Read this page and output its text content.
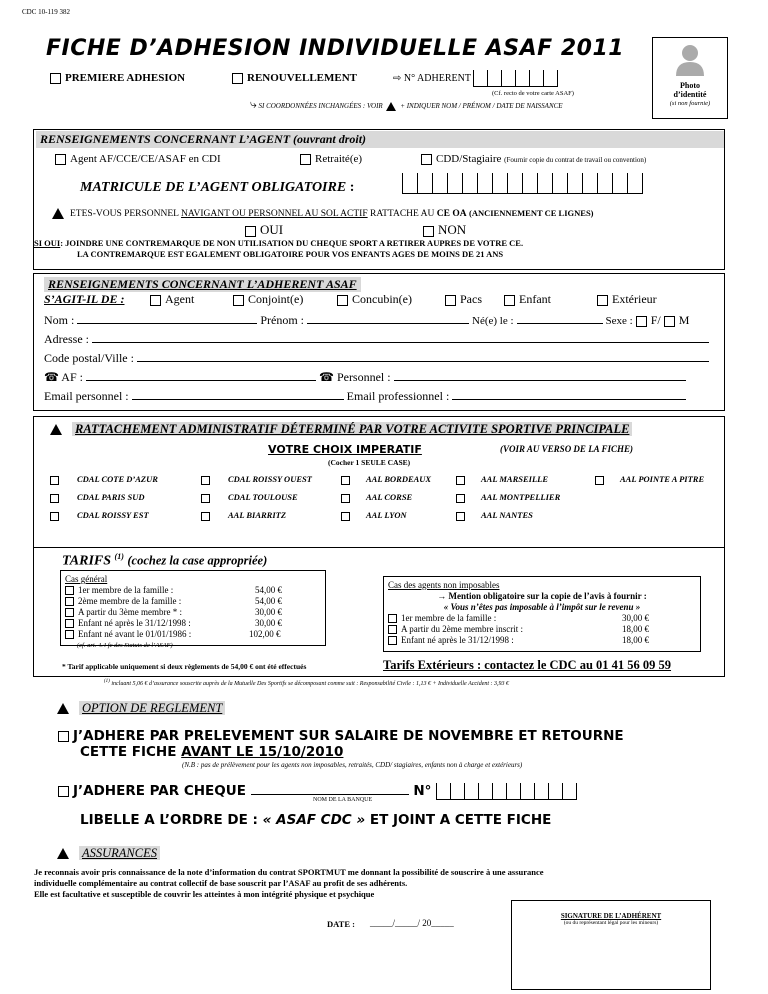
CDC 10-119 382
FICHE D’ADHESION INDIVIDUELLE ASAF 2011
Photo
d’identité
(si non fournie)
PREMIERE ADHESION	RENOUVELLEMENT	⇨ N° ADHERENT
(Cf. recto de votre carte ASAF)
⤷ SI COORDONNÉES INCHANGÉES : VOIR	+ INDIQUER NOM / PRÉNOM / DATE DE NAISSANCE
RENSEIGNEMENTS CONCERNANT L’AGENT (ouvrant droit)
Agent AF/CCE/CE/ASAF en CDI	Retraité(e)	CDD/Stagiaire (Fournir copie du contrat de travail ou convention)
MATRICULE DE L’AGENT OBLIGATOIRE :
ETES-VOUS PERSONNEL NAVIGANT OU PERSONNEL AU SOL ACTIF RATTACHE AU CE OA (ANCIENNEMENT CE LIGNES)
OUI	NON
SI OUI: JOINDRE UNE CONTREMARQUE DE NON UTILISATION DU CHEQUE SPORT A RETIRER AUPRES DE VOTRE CE.
LA CONTREMARQUE EST EGALEMENT OBLIGATOIRE POUR VOS ENFANTS AGES DE MOINS DE 21 ANS
RENSEIGNEMENTS CONCERNANT L’ADHERENT ASAF
S’AGIT-IL DE :	Agent	Conjoint(e)	Concubin(e)	Pacs	Enfant	Extérieur
Nom :	Prénom :	Né(e) le :	Sexe : F/ M
Adresse :
Code postal/Ville :
☎ AF :	☎ Personnel :
Email personnel :	Email professionnel :
RATTACHEMENT ADMINISTRATIF DÉTERMINÉ PAR VOTRE ACTIVITE SPORTIVE PRINCIPALE
VOTRE CHOIX IMPERATIF	(VOIR AU VERSO DE LA FICHE)
(Cocher 1 SEULE CASE)
CDAL COTE D’AZUR
CDAL PARIS SUD
CDAL ROISSY EST
CDAL ROISSY OUEST
CDAL TOULOUSE
AAL BIARRITZ
AAL BORDEAUX
AAL CORSE
AAL LYON
AAL MARSEILLE
AAL MONTPELLIER
AAL NANTES
AAL POINTE A PITRE
TARIFS $^{(1)}$ (cochez la case appropriée)
Cas général
1er membre de la famille :	54,00 €
2ème membre de la famille :	54,00 €
A partir du 3ème membre * :	30,00 €
Enfant né après le 31/12/1998 :	30,00 €
Enfant né avant le 01/01/1986 :	102,00 €
(cf. art. 4.4 fc des Statuts de l’ASAF)
Cas des agents non imposables
→ Mention obligatoire sur la copie de l’avis à fournir :
« Vous n’êtes pas imposable à l’impôt sur le revenu »
1er membre de la famille :	30,00 €
A partir du 2ème membre inscrit :	18,00 €
Enfant né après le 31/12/1998 :	18,00 €
* Tarif applicable uniquement si deux règlements de 54,00 € ont été effectués	Tarifs Extérieurs : contactez le CDC au 01 41 56 09 59
$^{(1)}$ incluant 5,06 € d’assurance souscrite auprès de la Mutuelle Des Sportifs se décomposant comme suit : Responsabilité Civile : 1,13 € + Individuelle Accident : 3,93 €
OPTION DE REGLEMENT
J’ADHERE PAR PRELEVEMENT SUR SALAIRE DE NOVEMBRE ET RETOURNE
CETTE FICHE AVANT LE 15/10/2010
(N.B : pas de prélèvement pour les agents non imposables, retraités, CDD/ stagiaires, enfants non à charge et extérieurs)
J’ADHERE PAR CHEQUE	N°
NOM DE LA BANQUE
LIBELLE A L’ORDRE DE : « ASAF CDC » ET JOINT A CETTE FICHE
ASSURANCES
Je reconnais avoir pris connaissance de la note d’information du contrat SPORTMUT me donnant la possibilité de souscrire à une assurance
individuelle complémentaire au contrat collectif de base souscrit par l’ASAF au profit de ses adhérents.
Elle est facultative et susceptible de couvrir les atteintes à mon intégrité physique et psychique
DATE : _____/_____/ 20_____
SIGNATURE DE L’ADHÉRENT
(ou du représentant légal pour les mineurs)
